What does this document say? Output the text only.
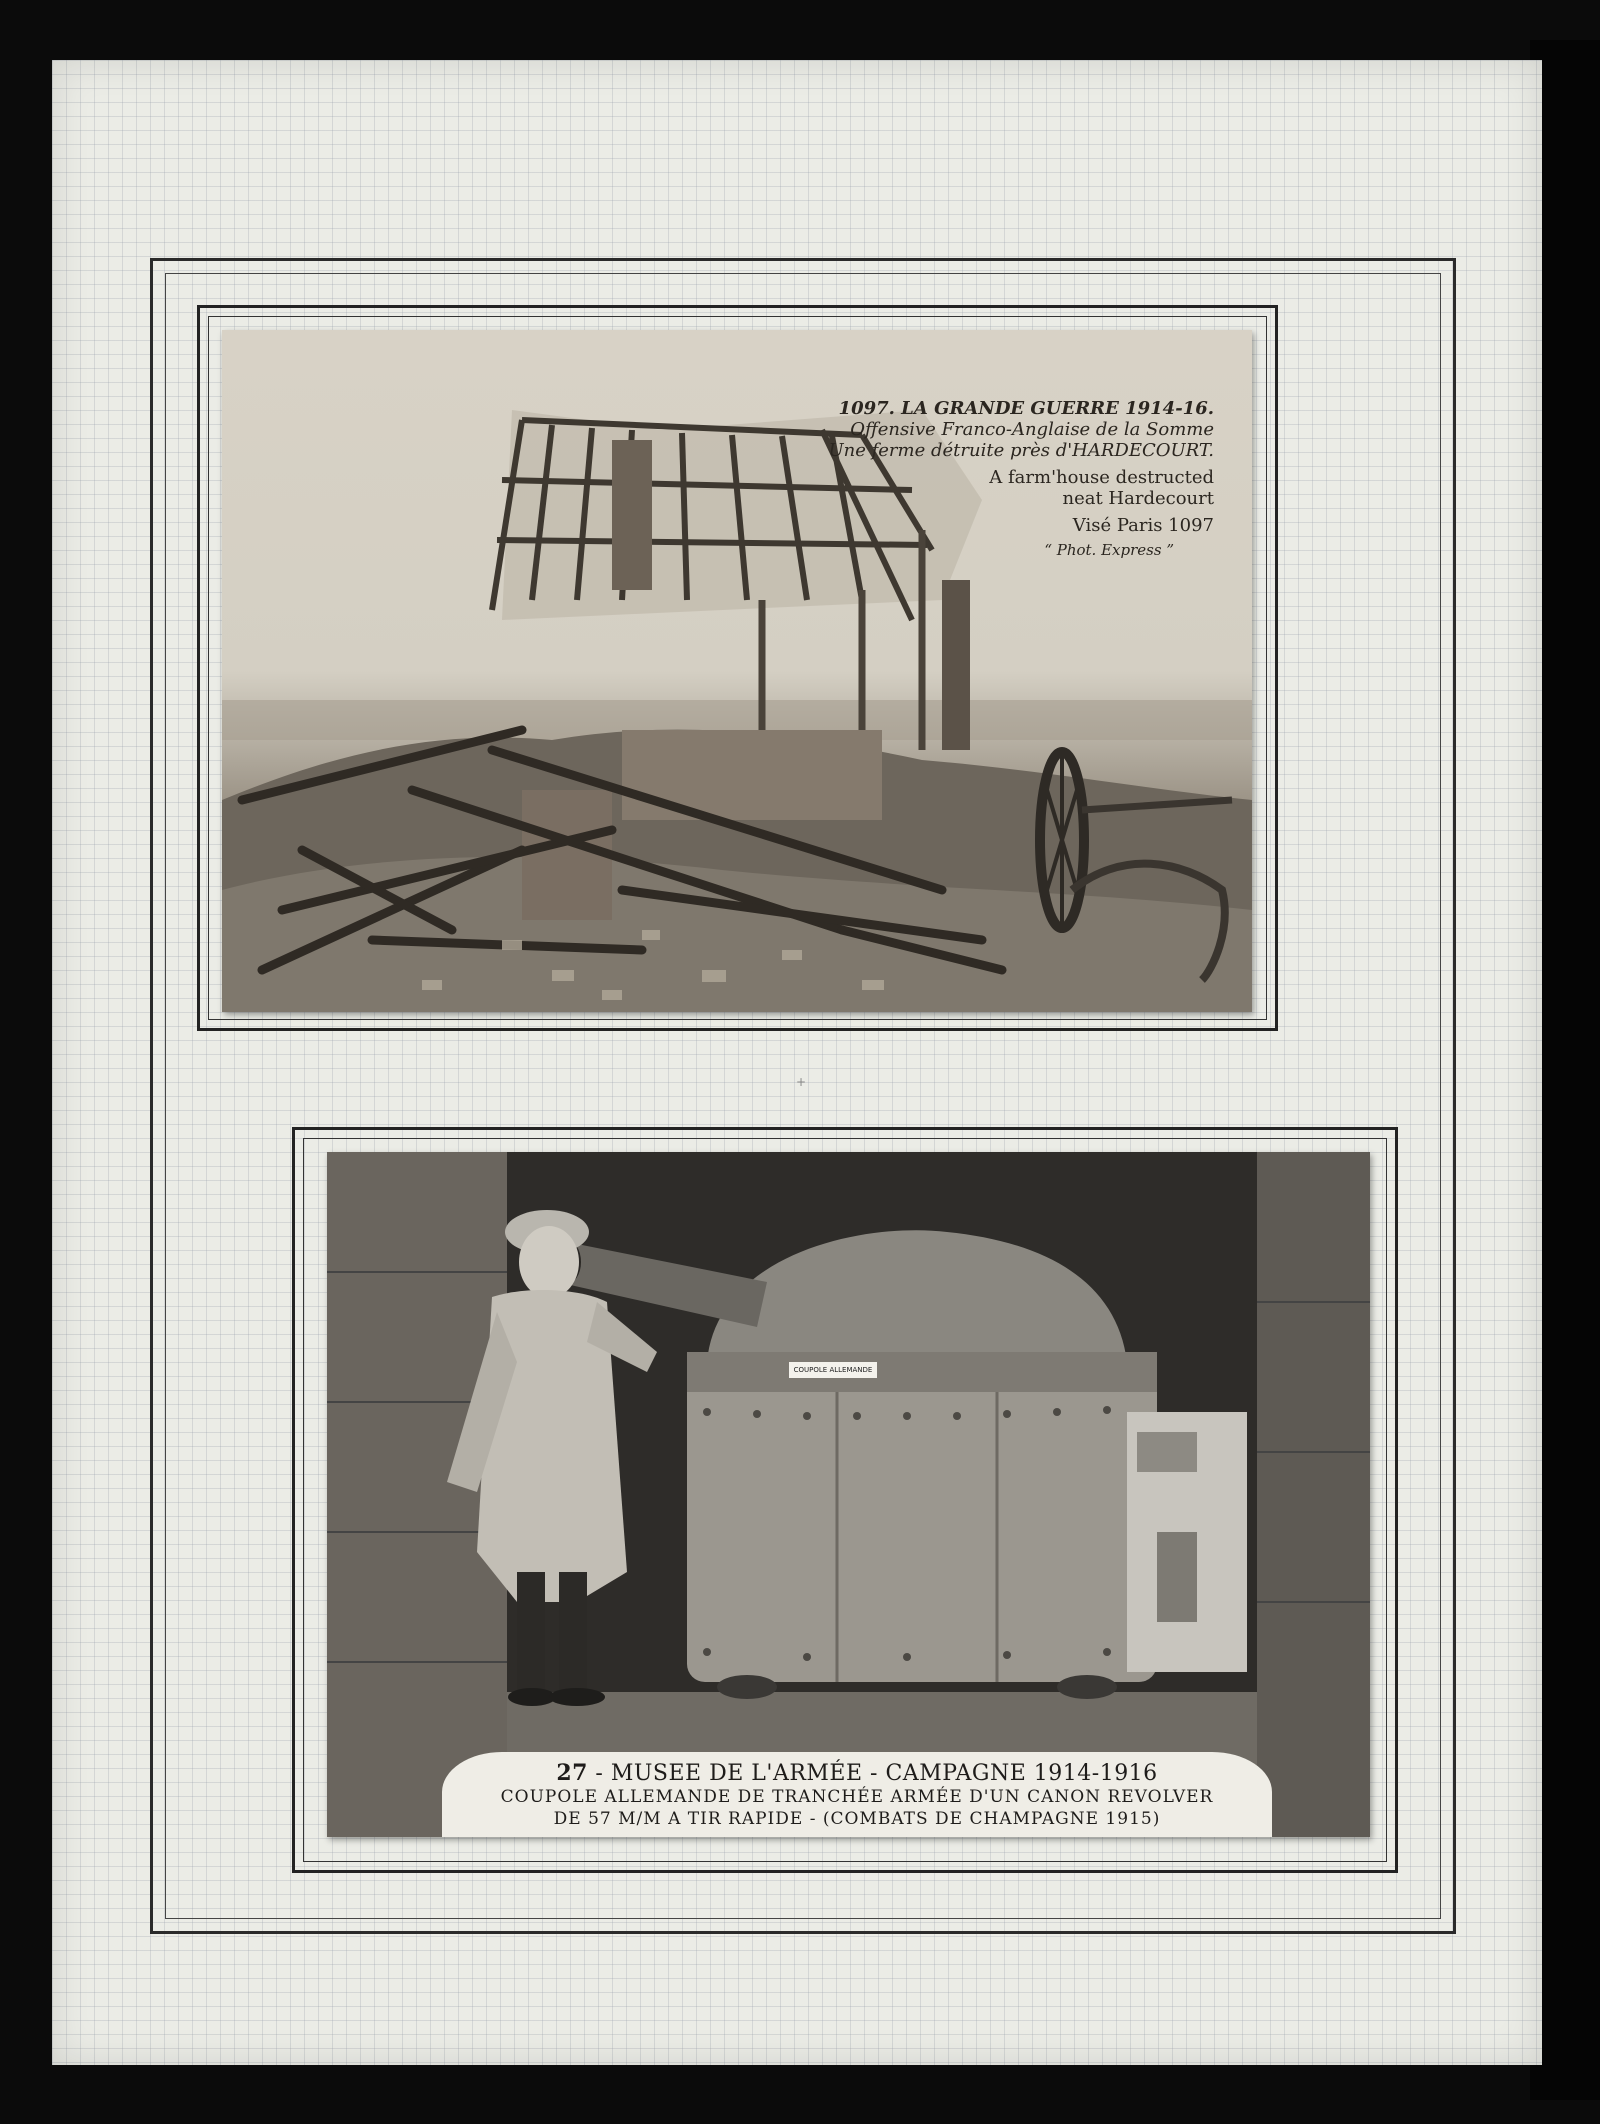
+
1097. LA GRANDE GUERRE 1914-16.
Offensive Franco-Anglaise de la Somme
Une ferme détruite près d'HARDECOURT.
A farm'house destructed
neat Hardecourt
Visé Paris 1097
“ Phot. Express ”
COUPOLE ALLEMANDE
27 - MUSEE DE L'ARMÉE - CAMPAGNE 1914-1916
COUPOLE ALLEMANDE DE TRANCHÉE ARMÉE D'UN CANON REVOLVER
DE 57 M/M A TIR RAPIDE - (COMBATS DE CHAMPAGNE 1915)
